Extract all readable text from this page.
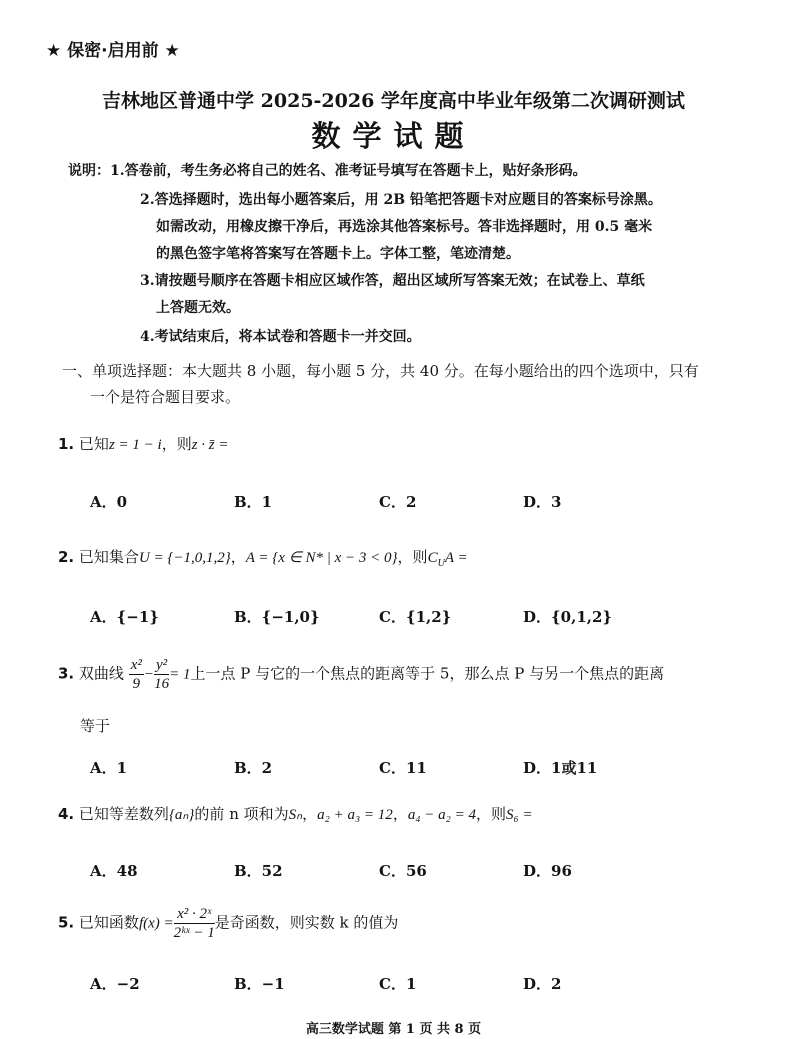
★ 保密·启用前 ★
吉林地区普通中学 2025-2026 学年度高中毕业年级第二次调研测试
数学试题
说明：1.答卷前，考生务必将自己的姓名、准考证号填写在答题卡上，贴好条形码。
2.答选择题时，选出每小题答案后，用 2B 铅笔把答题卡对应题目的答案标号涂黑。
如需改动，用橡皮擦干净后，再选涂其他答案标号。答非选择题时，用 0.5 毫米
的黑色签字笔将答案写在答题卡上。字体工整，笔迹清楚。
3.请按题号顺序在答题卡相应区域作答，超出区域所写答案无效；在试卷上、草纸
上答题无效。
4.考试结束后，将本试卷和答题卡一并交回。
一、单项选择题：本大题共 8 小题，每小题 5 分，共 40 分。在每小题给出的四个选项中，只有
一个是符合题目要求。
1. 已知z = 1 − i，则z · z̄ =
A．0	B．1	C．2	D．3
2. 已知集合U = {−1,0,1,2}，A = {x ∈ N* | x − 3 < 0}，则$C_UA$ =
A．{−1}	B．{−1,0}	C．{1,2}	D．{0,1,2}
3. 双曲线 $\frac{\text{x²}}{9} - \frac{\text{y²}}{16} = 1$上一点 P 与它的一个焦点的距离等于 5，那么点 P 与另一个焦点的距离
等于
A．1	B．2	C．11	D．1或11
4. 已知等差数列{aₙ}的前 n 项和为Sₙ，a₂ + a₃ = 12，a₄ − a₂ = 4，则S₆ =
A．48	B．52	C．56	D．96
5. 已知函数$f(x) = \frac{\text{x² · 2ˣ}}{\text{2ᵏˣ − 1}}$ 是奇函数，则实数 k 的值为
A．−2	B．−1	C．1	D．2
高三数学试题 第 1 页 共 8 页
